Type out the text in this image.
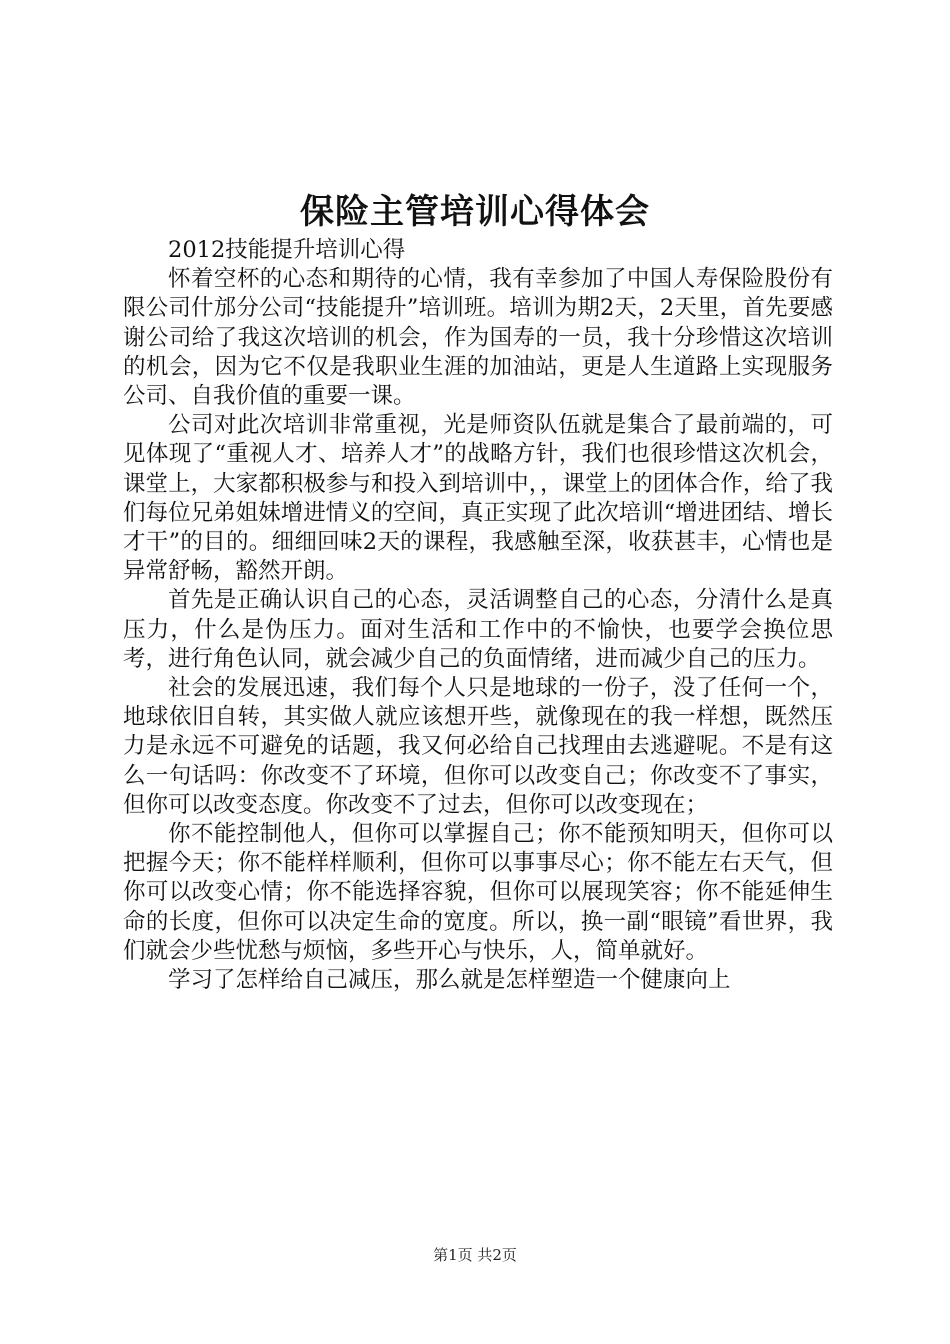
保险主管培训心得体会

2012技能提升培训心得

怀着空杯的心态和期待的心情，我有幸参加了中国人寿保险股份有限公司什邡分公司“技能提升”培训班。培训为期2天，2天里，首先要感谢公司给了我这次培训的机会，作为国寿的一员，我十分珍惜这次培训的机会，因为它不仅是我职业生涯的加油站，更是人生道路上实现服务公司、自我价值的重要一课。

公司对此次培训非常重视，光是师资队伍就是集合了最前端的，可见体现了“重视人才、培养人才”的战略方针，我们也很珍惜这次机会，课堂上，大家都积极参与和投入到培训中，，课堂上的团体合作，给了我们每位兄弟姐妹增进情义的空间，真正实现了此次培训“增进团结、增长才干”的目的。细细回味2天的课程，我感触至深，收获甚丰，心情也是异常舒畅，豁然开朗。

首先是正确认识自己的心态，灵活调整自己的心态，分清什么是真压力，什么是伪压力。面对生活和工作中的不愉快，也要学会换位思考，进行角色认同，就会减少自己的负面情绪，进而减少自己的压力。

社会的发展迅速，我们每个人只是地球的一份子，没了任何一个，地球依旧自转，其实做人就应该想开些，就像现在的我一样想，既然压力是永远不可避免的话题，我又何必给自己找理由去逃避呢。不是有这么一句话吗：你改变不了环境，但你可以改变自己；你改变不了事实，但你可以改变态度。你改变不了过去，但你可以改变现在；

你不能控制他人，但你可以掌握自己；你不能预知明天，但你可以把握今天；你不能样样顺利，但你可以事事尽心；你不能左右天气，但你可以改变心情；你不能选择容貌，但你可以展现笑容；你不能延伸生命的长度，但你可以决定生命的宽度。所以，换一副“眼镜”看世界，我们就会少些忧愁与烦恼，多些开心与快乐，人，简单就好。

学习了怎样给自己减压，那么就是怎样塑造一个健康向上

第1页 共2页
